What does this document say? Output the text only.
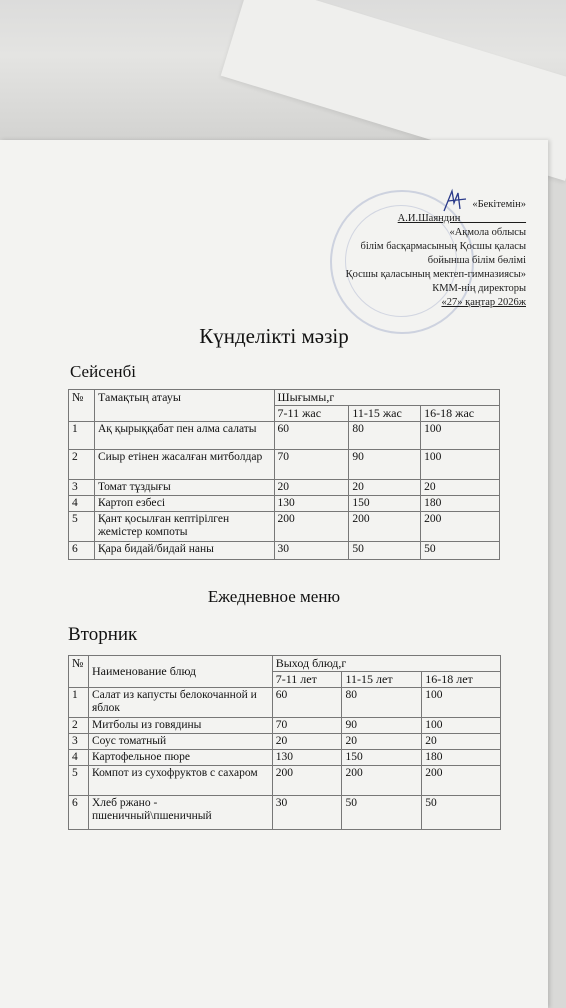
«Бекітемін»
А.И.Шаяндин ____________
«Ақмола облысы
білім басқармасының Қосшы қаласы
бойынша білім бөлімі
Қосшы қаласының мектеп-гимназиясы»
КММ-нің директоры
«27» қаңтар 2026ж
Күнделікті мәзір
Сейсенбі
№	Тамақтың атауы	Шығымы,г		
		7-11 жас	11-15 жас	16-18 жас
1	Ақ қырыққабат пен алма салаты	60	80	100
2	Сиыр етінен жасалған митболдар	70	90	100
3	Томат тұздығы	20	20	20
4	Картоп езбесі	130	150	180
5	Қант қосылған кептірілген жемістер компоты	200	200	200
6	Қара бидай/бидай наны	30	50	50
Ежедневное меню
Вторник
№	Наименование блюд	Выход блюд,г		
		7-11 лет	11-15 лет	16-18 лет
1	Салат из капусты белокочанной и яблок	60	80	100
2	Митболы из говядины	70	90	100
3	Соус томатный	20	20	20
4	Картофельное пюре	130	150	180
5	Компот из сухофруктов с сахаром	200	200	200
6	Хлеб ржано - пшеничный\пшеничный	30	50	50
